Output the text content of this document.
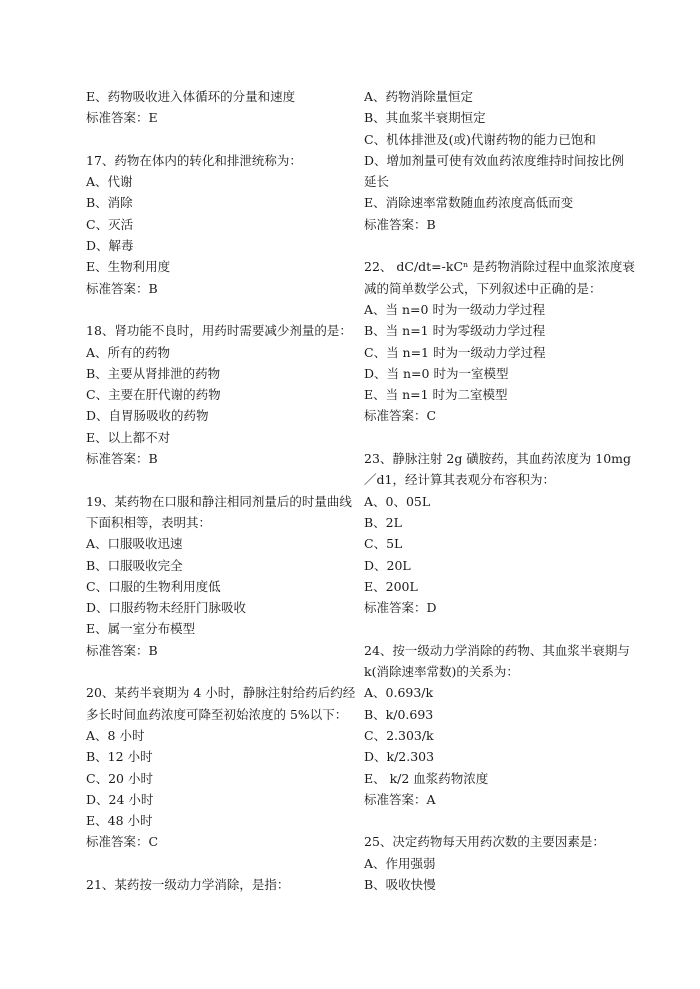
E、药物吸收进入体循环的分量和速度
标准答案：E
17、药物在体内的转化和排泄统称为：
A、代谢
B、消除
C、灭活
D、解毒
E、生物利用度
标准答案：B
18、肾功能不良时，用药时需要减少剂量的是：
A、所有的药物
B、主要从肾排泄的药物
C、主要在肝代谢的药物
D、自胃肠吸收的药物
E、以上都不对
标准答案：B
19、某药物在口服和静注相同剂量后的时量曲线
下面积相等，表明其：
A、口服吸收迅速
B、口服吸收完全
C、口服的生物利用度低
D、口服药物未经肝门脉吸收
E、属一室分布模型
标准答案：B
20、某药半衰期为 4 小时，静脉注射给药后约经
多长时间血药浓度可降至初始浓度的 5%以下：
A、8 小时
B、12 小时
C、20 小时
D、24 小时
E、48 小时
标准答案：C
21、某药按一级动力学消除，是指：
A、药物消除量恒定
B、其血浆半衰期恒定
C、机体排泄及(或)代谢药物的能力已饱和
D、增加剂量可使有效血药浓度维持时间按比例
延长
E、消除速率常数随血药浓度高低而变
标准答案：B
22、 dC/dt=-kCⁿ 是药物消除过程中血浆浓度衰
减的简单数学公式，下列叙述中正确的是：
A、当 n=0 时为一级动力学过程
B、当 n=1 时为零级动力学过程
C、当 n=1 时为一级动力学过程
D、当 n=0 时为一室模型
E、当 n=1 时为二室模型
标准答案：C
23、静脉注射 2g 磺胺药，其血药浓度为 10mg
／d1，经计算其表观分布容积为：
A、0、05L
B、2L
C、5L
D、20L
E、200L
标准答案：D
24、按一级动力学消除的药物、其血浆半衰期与
k(消除速率常数)的关系为：
A、0.693/k
B、k/0.693
C、2.303/k
D、k/2.303
E、 k/2 血浆药物浓度
标准答案：A
25、决定药物每天用药次数的主要因素是：
A、作用强弱
B、吸收快慢
